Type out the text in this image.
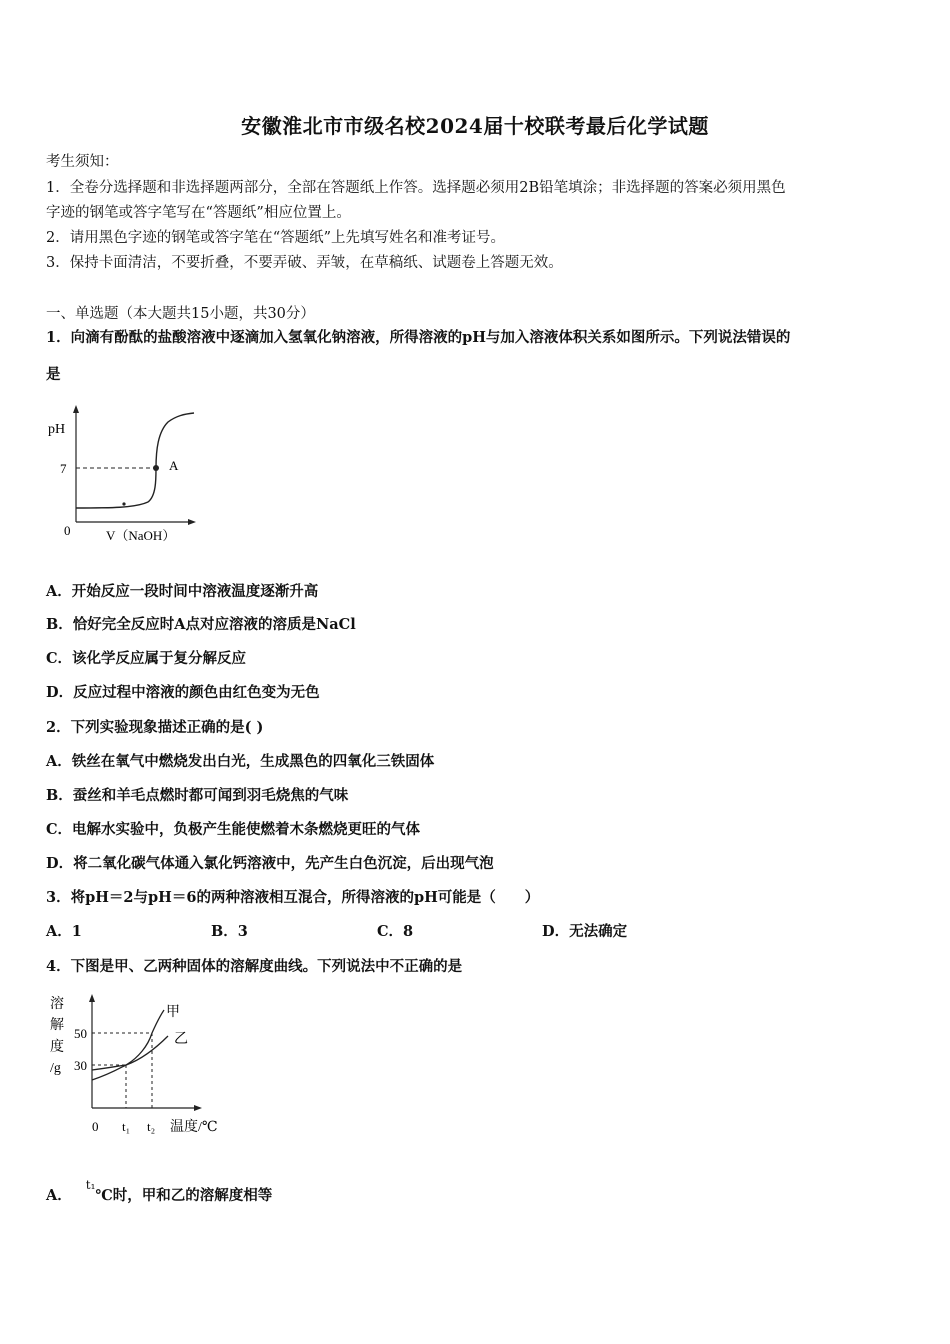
安徽淮北市市级名校2024届十校联考最后化学试题
考生须知：
1．全卷分选择题和非选择题两部分，全部在答题纸上作答。选择题必须用2B铅笔填涂；非选择题的答案必须用黑色
字迹的钢笔或答字笔写在“答题纸”相应位置上。
2．请用黑色字迹的钢笔或答字笔在“答题纸”上先填写姓名和准考证号。
3．保持卡面清洁，不要折叠，不要弄破、弄皱，在草稿纸、试题卷上答题无效。
一、单选题（本大题共15小题，共30分）
1．向滴有酚酞的盐酸溶液中逐滴加入氢氧化钠溶液，所得溶液的pH与加入溶液体积关系如图所示。下列说法错误的
是
pH
7
0
A
V（NaOH）
A．开始反应一段时间中溶液温度逐渐升高
B．恰好完全反应时A点对应溶液的溶质是NaCl
C．该化学反应属于复分解反应
D．反应过程中溶液的颜色由红色变为无色
2．下列实验现象描述正确的是( )
A．铁丝在氧气中燃烧发出白光，生成黑色的四氧化三铁固体
B．蚕丝和羊毛点燃时都可闻到羽毛烧焦的气味
C．电解水实验中，负极产生能使燃着木条燃烧更旺的气体
D．将二氧化碳气体通入氯化钙溶液中，先产生白色沉淀，后出现气泡
3．将pH＝2与pH＝6的两种溶液相互混合，所得溶液的pH可能是（　　）
A．1	B．3	C．8	D．无法确定
4．下图是甲、乙两种固体的溶解度曲线。下列说法中不正确的是
溶
解
度
/g
50
30
0
甲
乙
t₁ t₂ 温度/℃
A．t₁℃时，甲和乙的溶解度相等
